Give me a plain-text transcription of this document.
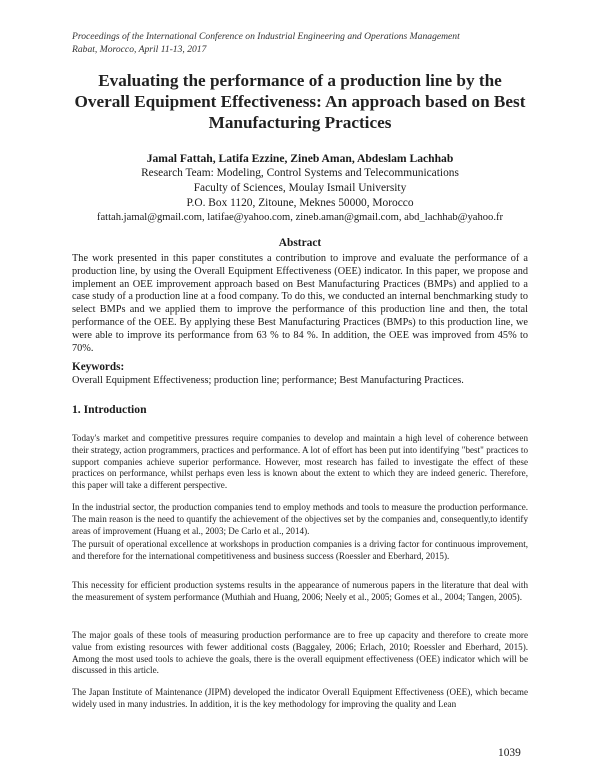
Proceedings of the International Conference on Industrial Engineering and Operations Management

Rabat, Morocco, April 11-13, 2017

Evaluating the performance of a production line by the Overall Equipment Effectiveness: An approach based on Best Manufacturing Practices
Jamal Fattah, Latifa Ezzine, Zineb Aman, Abdeslam Lachhab

Research Team: Modeling, Control Systems and Telecommunications

Faculty of Sciences, Moulay Ismail University

P.O. Box 1120, Zitoune, Meknes 50000, Morocco

fattah.jamal@gmail.com, latifae@yahoo.com, zineb.aman@gmail.com, abd_lachhab@yahoo.fr
Abstract
The work presented in this paper constitutes a contribution to improve and evaluate the performance of a production line, by using the Overall Equipment Effectiveness (OEE) indicator. In this paper, we propose and implement an OEE improvement approach based on Best Manufacturing Practices (BMPs) and applied to a case study of a production line at a food company. To do this, we conducted an internal benchmarking study to select BMPs and we applied them to improve the performance of this production line and then, the total performance of the OEE. By applying these Best Manufacturing Practices (BMPs) to this production line, we were able to improve its performance from 63 % to 84 %. In addition, the OEE was improved from 45% to 70%.
Keywords:
Overall Equipment Effectiveness; production line; performance; Best Manufacturing Practices.
1. Introduction
Today's market and competitive pressures require companies to develop and maintain a high level of coherence between their strategy, action programmers, practices and performance. A lot of effort has been put into identifying "best" practices to support companies achieve superior performance. However, most research has failed to investigate the effect of these practices on performance, whilst perhaps even less is known about the extent to which they are indeed generic. Therefore, this paper will take a different perspective.
In the industrial sector, the production companies tend to employ methods and tools to measure the production performance. The main reason is the need to quantify the achievement of the objectives set by the companies and, consequently,to identify areas of improvement (Huang et al., 2003; De Carlo et al., 2014).
The pursuit of operational excellence at workshops in production companies is a driving factor for continuous improvement, and therefore for the international competitiveness and business success (Roessler and Eberhard, 2015).
This necessity for efficient production systems results in the appearance of numerous papers in the literature that deal with the measurement of system performance (Muthiah and Huang, 2006; Neely et al., 2005; Gomes et al., 2004; Tangen, 2005).
The major goals of these tools of measuring production performance are to free up capacity and therefore to create more value from existing resources with fewer additional costs (Baggaley, 2006; Erlach, 2010; Roessler and Eberhard, 2015). Among the most used tools to achieve the goals, there is the overall equipment effectiveness (OEE) indicator which will be discussed in this article.
The Japan Institute of Maintenance (JIPM) developed the indicator Overall Equipment Effectiveness (OEE), which became widely used in many industries. In addition, it is the key methodology for improving the quality and Lean
1039
